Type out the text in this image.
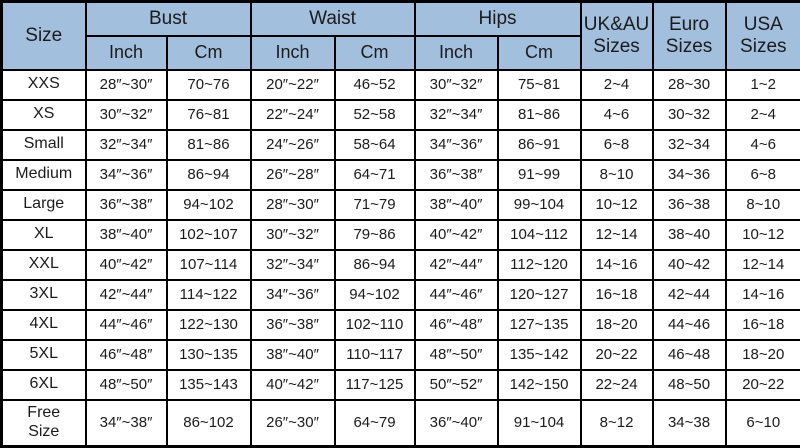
Size	Bust		Waist		Hips		UK&AU Sizes	Euro Sizes	USA Sizes
	Inch	Cm	Inch	Cm	Inch	Cm			
XXS	28″~30″	70~76	20″~22″	46~52	30″~32″	75~81	2~4	28~30	1~2
XS	30″~32″	76~81	22″~24″	52~58	32″~34″	81~86	4~6	30~32	2~4
Small	32″~34″	81~86	24″~26″	58~64	34″~36″	86~91	6~8	32~34	4~6
Medium	34″~36″	86~94	26″~28″	64~71	36″~38″	91~99	8~10	34~36	6~8
Large	36″~38″	94~102	28″~30″	71~79	38″~40″	99~104	10~12	36~38	8~10
XL	38″~40″	102~107	30″~32″	79~86	40″~42″	104~112	12~14	38~40	10~12
XXL	40″~42″	107~114	32″~34″	86~94	42″~44″	112~120	14~16	40~42	12~14
3XL	42″~44″	114~122	34″~36″	94~102	44″~46″	120~127	16~18	42~44	14~16
4XL	44″~46″	122~130	36″~38″	102~110	46″~48″	127~135	18~20	44~46	16~18
5XL	46″~48″	130~135	38″~40″	110~117	48″~50″	135~142	20~22	46~48	18~20
6XL	48″~50″	135~143	40″~42″	117~125	50″~52″	142~150	22~24	48~50	20~22
Free Size	34″~38″	86~102	26″~30″	64~79	36″~40″	91~104	8~12	34~38	6~10
